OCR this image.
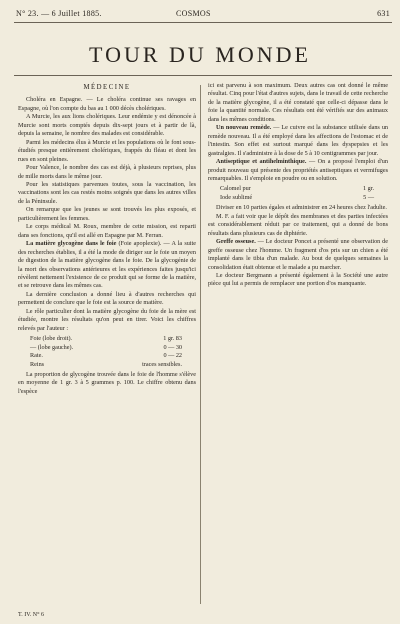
N° 23. — 6 Juillet 1885.	COSMOS	631
TOUR DU MONDE
MÉDECINE

Choléra en Espagne. — Le choléra continue ses ravages en Espagne, où l'on compte du bas au 1 000 décès cholériques.

A Murcie, les aux lions cholériques. Leur endémie y est dénoncée à Murcie sont morts comptés depuis dix-sept jours et à partir de là, depuis la semaine, le nombre des malades est considérable.

Parmi les médecins élus à Murcie et les populations où le font sous-étudiés presque entièrement cholériques, frappés du fléau et dont les rues en sont pleines.

Pour Valence, le nombre des cas est déjà, à plusieurs reprises, plus de mille morts dans le même jour.

Pour les statistiques parvenues toutes, sous la vaccination, les vaccinations sont les cas restés moins soignés que dans les autres villes de la Péninsule.

On remarque que les jeunes se sont trouvés les plus exposés, et particulièrement les femmes.

Le corps médical M. Roux, membre de cette mission, est reparti dans ses fonctions, qu'il est allé en Espagne par M. Ferran.

La matière glycogène dans le foie (Foie apoplexie). — A la suite des recherches établies, il a été la mode de diriger sur le foie un moyen de digestion de la matière glycogène dans le foie. De la glycogénie de la mort des observations antérieures et les expériences faites jusqu'ici révèlent nettement l'existence de ce produit qui se forme de la matière, et se retrouve dans les mêmes cas.

La dernière conclusion a donné lieu à d'autres recherches qui permettent de conclure que le foie est la source de matière.

Le rôle particulier dont la matière glycogène du foie de la mère est étudiée, montre les résultats qu'on peut en tirer. Voici les chiffres relevés par l'auteur :

Foie (lobe droit).	1 gr. 83
— (lobe gauche).	0 — 30
Rate.	0 — 22
Reins	traces sensibles.

La proportion de glycogène trouvée dans le foie de l'homme s'élève en moyenne de 1 gr. 3 à 5 grammes p. 100. Le chiffre obtenu dans l'espèce

ici est parvenu à son maximum. Deux autres cas ont donné le même résultat. Cinq pour l'état d'autres sujets, dans le travail de cette recherche de la matière glycogène, il a été constaté que celle-ci dépasse dans le foie la quantité normale. Ces résultats ont été vérifiés sur des animaux dans les mêmes conditions.

Un nouveau remède. — Le cuivre est la substance utilisée dans un remède nouveau. Il a été employé dans les affections de l'estomac et de l'intestin. Son effet est surtout marqué dans les dyspepsies et les gastralgies. Il s'administre à la dose de 5 à 10 centigrammes par jour.

Antiseptique et antihelminthique. — On a proposé l'emploi d'un produit nouveau qui présente des propriétés antiseptiques et vermifuges remarquables. Il s'emploie en poudre ou en solution.

Calomel pur	1 gr.
Iode sublimé	5 —

Diviser en 10 parties égales et administrer en 24 heures chez l'adulte.

M. F. a fait voir que le dépôt des membranes et des parties infectées est considérablement réduit par ce traitement, qui a donné de bons résultats dans plusieurs cas de diphtérie.

Greffe osseuse. — Le docteur Poncet a présenté une observation de greffe osseuse chez l'homme. Un fragment d'os pris sur un chien a été implanté dans le tibia d'un malade. Au bout de quelques semaines la consolidation était obtenue et le malade a pu marcher.

Le docteur Bergmann a présenté également à la Société une autre pièce qui lui a permis de remplacer une portion d'os manquante.

T. IV. N° 6
